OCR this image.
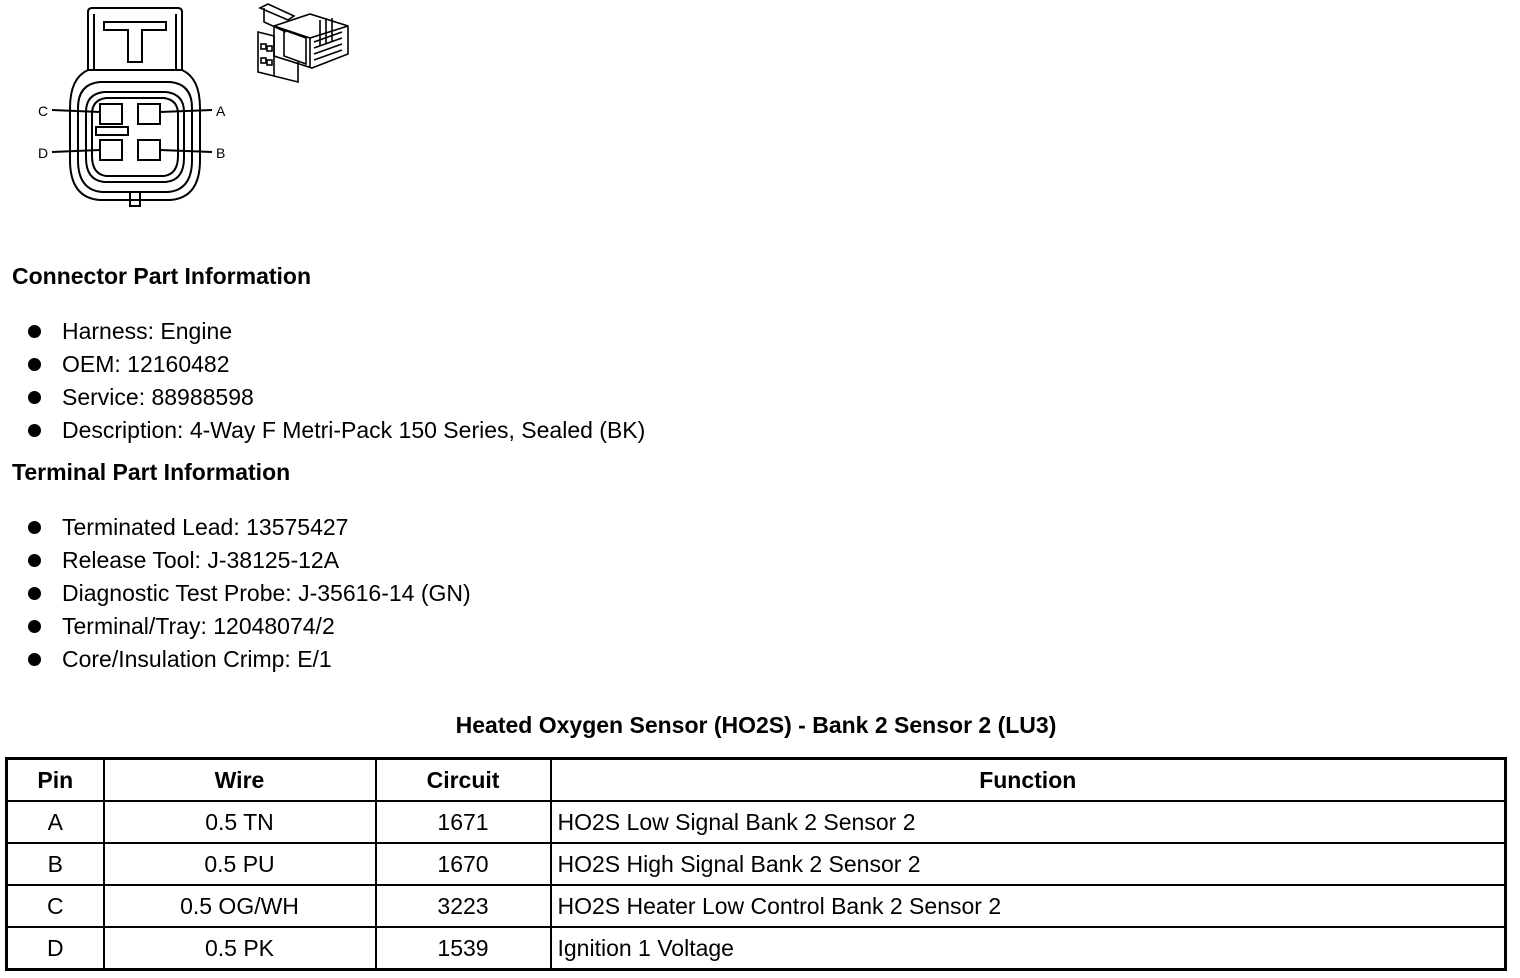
C	A
D	B
Connector Part Information
Harness: Engine
OEM: 12160482
Service: 88988598
Description: 4-Way F Metri-Pack 150 Series, Sealed (BK)
Terminal Part Information
Terminated Lead: 13575427
Release Tool: J-38125-12A
Diagnostic Test Probe: J-35616-14 (GN)
Terminal/Tray: 12048074/2
Core/Insulation Crimp: E/1
Heated Oxygen Sensor (HO2S) - Bank 2 Sensor 2 (LU3)
Pin	Wire	Circuit	Function
A	0.5 TN	1671	HO2S Low Signal Bank 2 Sensor 2
B	0.5 PU	1670	HO2S High Signal Bank 2 Sensor 2
C	0.5 OG/WH	3223	HO2S Heater Low Control Bank 2 Sensor 2
D	0.5 PK	1539	Ignition 1 Voltage
